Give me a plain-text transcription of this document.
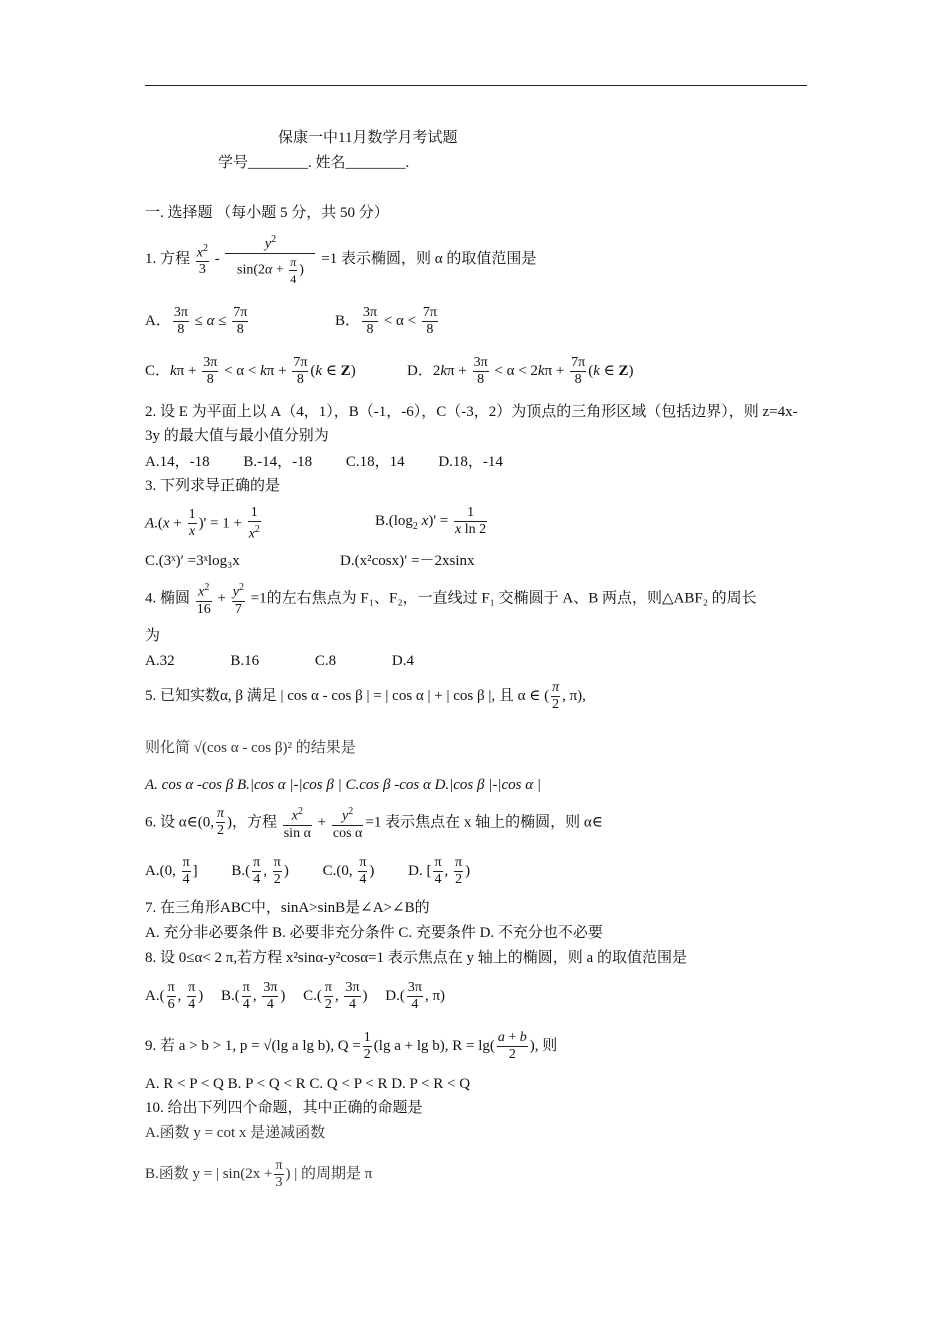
保康一中11月数学月考试题
学号________. 姓名________.
一. 选择题 （每小题 5 分，共 50 分）
1. 方程 $\frac{x^2}{3} - \frac{y^2}{\sin(2\alpha + \frac{\pi}{4} )} =1$ 表示椭圆，则 α 的取值范围是
A． $\frac{3\pi}{8} \le \alpha \le \frac{7\pi}{8}$	B． $\frac{3\pi}{8} < \alpha < \frac{7\pi}{8}$
C．$k\pi + \frac{3\pi}{8} < \alpha < k\pi + \frac{7\pi}{8} (k$ ∈ Z)	D．$2k\pi + \frac{3\pi}{8} < \alpha < 2k\pi + \frac{7\pi}{8} (k$ ∈ Z)
2. 设 E 为平面上以 A（4，1），B（-1，-6），C（-3，2）为顶点的三角形区域（包括边界），则 z=4x-
3y 的最大值与最小值分别为
A.14，-18 B.-14，-18 C.18，14 D.18，-14
3. 下列求导正确的是
$A.(x + \frac{1}{x}$ )' = $1 + \frac{1}{x^2}$	$B.(\log_2$ $x)' = \frac{1}{\text{x ln 2}}$
C.(3ˣ)′ =3ˣlog₃x	D.(x²cosx)′ =－2xsinx
4. 椭圆 $\frac{x^2}{16} + \frac{y^2}{7} =1$的左右焦点为 F₁、F₂，一直线过 F₁ 交椭圆于 A、B 两点，则△ABF₂ 的周长
为
A.32	B.16	C.8	D.4
5. 已知实数α, β 满足 | cos α - cos β | = | cos α | + | cos β |, 且 α ∈ ( $\frac{\pi}{2}$ , π),
则化简 √(cos α - cos β)² 的结果是
A. cos α -cos β B.|cos α |-|cos β | C.cos β -cos α D.|cos β |-|cos α |
6. 设 α∈(0, $\frac{\pi}{2}$ )，方程 $\frac{x^2}{\text{sin α}} + \frac{y^2}{\text{cos α}} =1$ 表示焦点在 x 轴上的椭圆，则 α∈
A.(0, $\frac{\pi}{4}$ ] $B.( \frac{\pi}{4}$ , $\frac{\pi}{2}$ ) C.(0, $\frac{\pi}{4}$ ) D. [ $\frac{\pi}{4}$ , $\frac{\pi}{2}$ )
7. 在三角形ABC中，sinA>sinB是∠A>∠B的
A. 充分非必要条件 B. 必要非充分条件 C. 充要条件 D. 不充分也不必要
8. 设 0≤α< 2 π,若方程 x²sinα-y²cosα=1 表示焦点在 y 轴上的椭圆，则 a 的取值范围是
$A.( \frac{\pi}{6}$ , $\frac{\pi}{4}$ ) $B.( \frac{\pi}{4}$ , $\frac{3\pi}{4}$ ) $C.( \frac{\pi}{2}$ , $\frac{3\pi}{4}$ ) $D.( \frac{3\pi}{4}$ , π)
9. 若 a > b > 1, p = √(lg a lg b), $Q = \frac{1}{2} (\lg$ a + lg b), $R = \lg( \frac{a + b}{2}$ ), 则
A. R < P < Q B. P < Q < R C. Q < P < R D. P < R < Q
10. 给出下列四个命题，其中正确的命题是
A.函数 y = cot x 是递减函数
B.函数 y = | $\sin(2x + \frac{\pi}{3}$ ) | 的周期是 π
